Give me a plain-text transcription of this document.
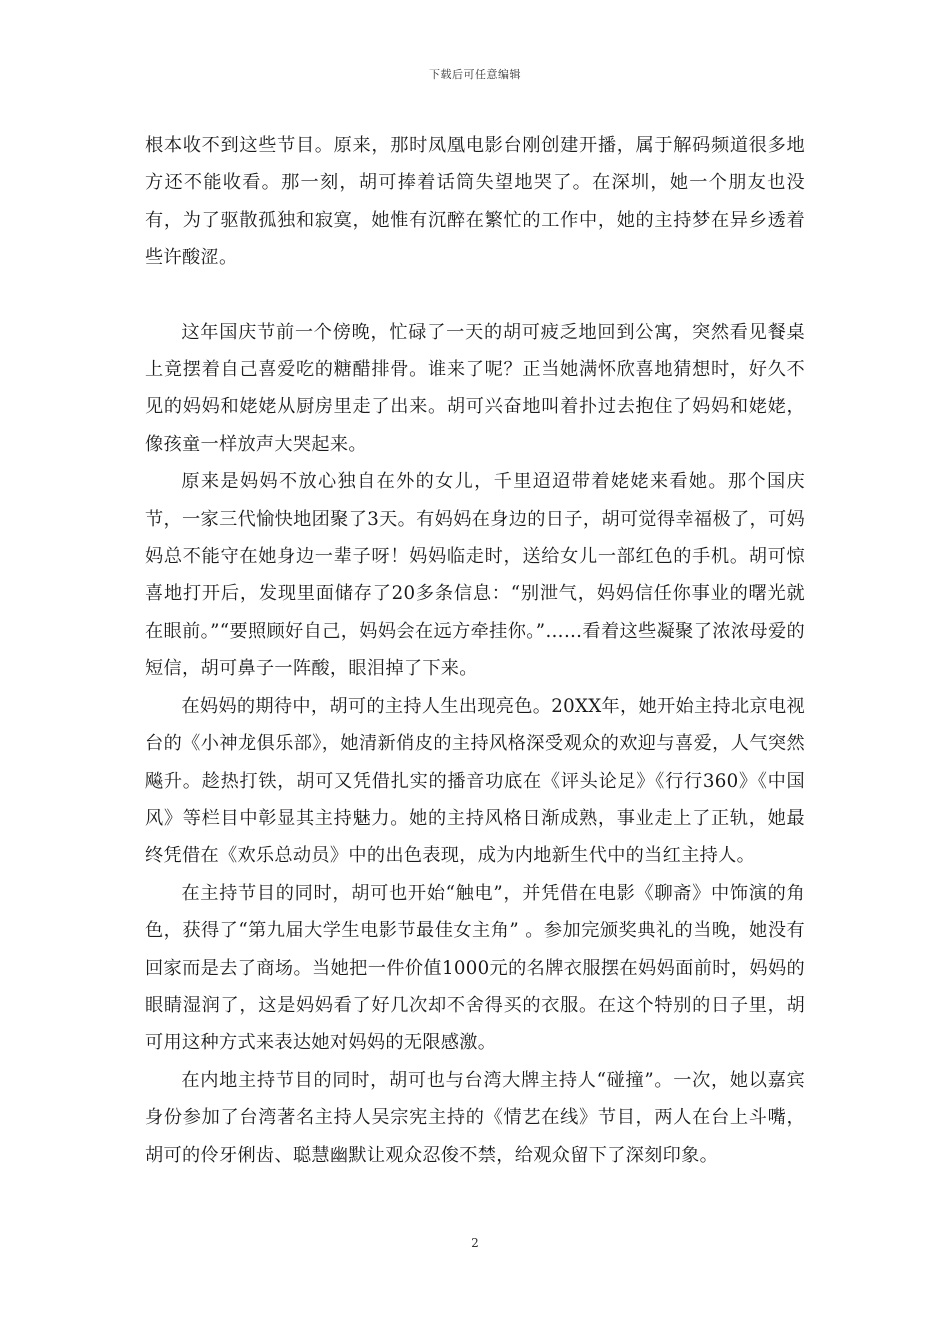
下载后可任意编辑

根本收不到这些节目。原来，那时凤凰电影台刚创建开播，属于解码频道很多地方还不能收看。那一刻，胡可捧着话筒失望地哭了。在深圳，她一个朋友也没有，为了驱散孤独和寂寞，她惟有沉醉在繁忙的工作中，她的主持梦在异乡透着些许酸涩。

这年国庆节前一个傍晚，忙碌了一天的胡可疲乏地回到公寓，突然看见餐桌上竟摆着自己喜爱吃的糖醋排骨。谁来了呢？正当她满怀欣喜地猜想时，好久不见的妈妈和姥姥从厨房里走了出来。胡可兴奋地叫着扑过去抱住了妈妈和姥姥，像孩童一样放声大哭起来。

原来是妈妈不放心独自在外的女儿，千里迢迢带着姥姥来看她。那个国庆节，一家三代愉快地团聚了3天。有妈妈在身边的日子，胡可觉得幸福极了，可妈妈总不能守在她身边一辈子呀！妈妈临走时，送给女儿一部红色的手机。胡可惊喜地打开后，发现里面储存了20多条信息：“别泄气，妈妈信任你事业的曙光就在眼前。”“要照顾好自己，妈妈会在远方牵挂你。”……看着这些凝聚了浓浓母爱的短信，胡可鼻子一阵酸，眼泪掉了下来。

在妈妈的期待中，胡可的主持人生出现亮色。20XX年，她开始主持北京电视台的《小神龙俱乐部》，她清新俏皮的主持风格深受观众的欢迎与喜爱，人气突然飚升。趁热打铁，胡可又凭借扎实的播音功底在《评头论足》《行行360》《中国风》等栏目中彰显其主持魅力。她的主持风格日渐成熟，事业走上了正轨，她最终凭借在《欢乐总动员》中的出色表现，成为内地新生代中的当红主持人。

在主持节目的同时，胡可也开始“触电”，并凭借在电影《聊斋》中饰演的角色，获得了“第九届大学生电影节最佳女主角” 。参加完颁奖典礼的当晚，她没有回家而是去了商场。当她把一件价值1000元的名牌衣服摆在妈妈面前时，妈妈的眼睛湿润了，这是妈妈看了好几次却不舍得买的衣服。在这个特别的日子里，胡可用这种方式来表达她对妈妈的无限感激。

在内地主持节目的同时，胡可也与台湾大牌主持人“碰撞”。一次，她以嘉宾身份参加了台湾著名主持人吴宗宪主持的《情艺在线》节目，两人在台上斗嘴，胡可的伶牙俐齿、聪慧幽默让观众忍俊不禁，给观众留下了深刻印象。

2
